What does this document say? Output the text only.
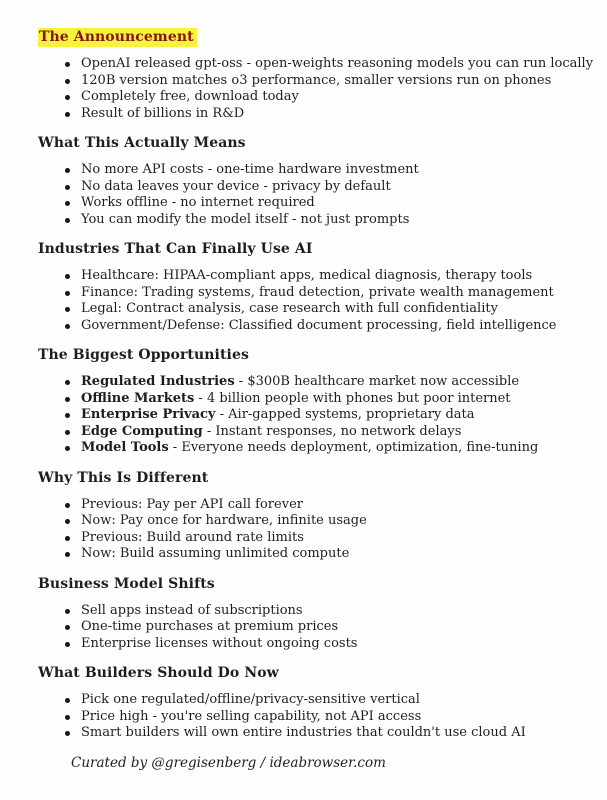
The Announcement
OpenAI released gpt-oss - open-weights reasoning models you can run locally
120B version matches o3 performance, smaller versions run on phones
Completely free, download today
Result of billions in R&D
What This Actually Means
No more API costs - one-time hardware investment
No data leaves your device - privacy by default
Works offline - no internet required
You can modify the model itself - not just prompts
Industries That Can Finally Use AI
Healthcare: HIPAA-compliant apps, medical diagnosis, therapy tools
Finance: Trading systems, fraud detection, private wealth management
Legal: Contract analysis, case research with full confidentiality
Government/Defense: Classified document processing, field intelligence
The Biggest Opportunities
Regulated Industries - $300B healthcare market now accessible
Offline Markets - 4 billion people with phones but poor internet
Enterprise Privacy - Air-gapped systems, proprietary data
Edge Computing - Instant responses, no network delays
Model Tools - Everyone needs deployment, optimization, fine-tuning
Why This Is Different
Previous: Pay per API call forever
Now: Pay once for hardware, infinite usage
Previous: Build around rate limits
Now: Build assuming unlimited compute
Business Model Shifts
Sell apps instead of subscriptions
One-time purchases at premium prices
Enterprise licenses without ongoing costs
What Builders Should Do Now
Pick one regulated/offline/privacy-sensitive vertical
Price high - you're selling capability, not API access
Smart builders will own entire industries that couldn't use cloud AI
Curated by @gregisenberg / ideabrowser.com
